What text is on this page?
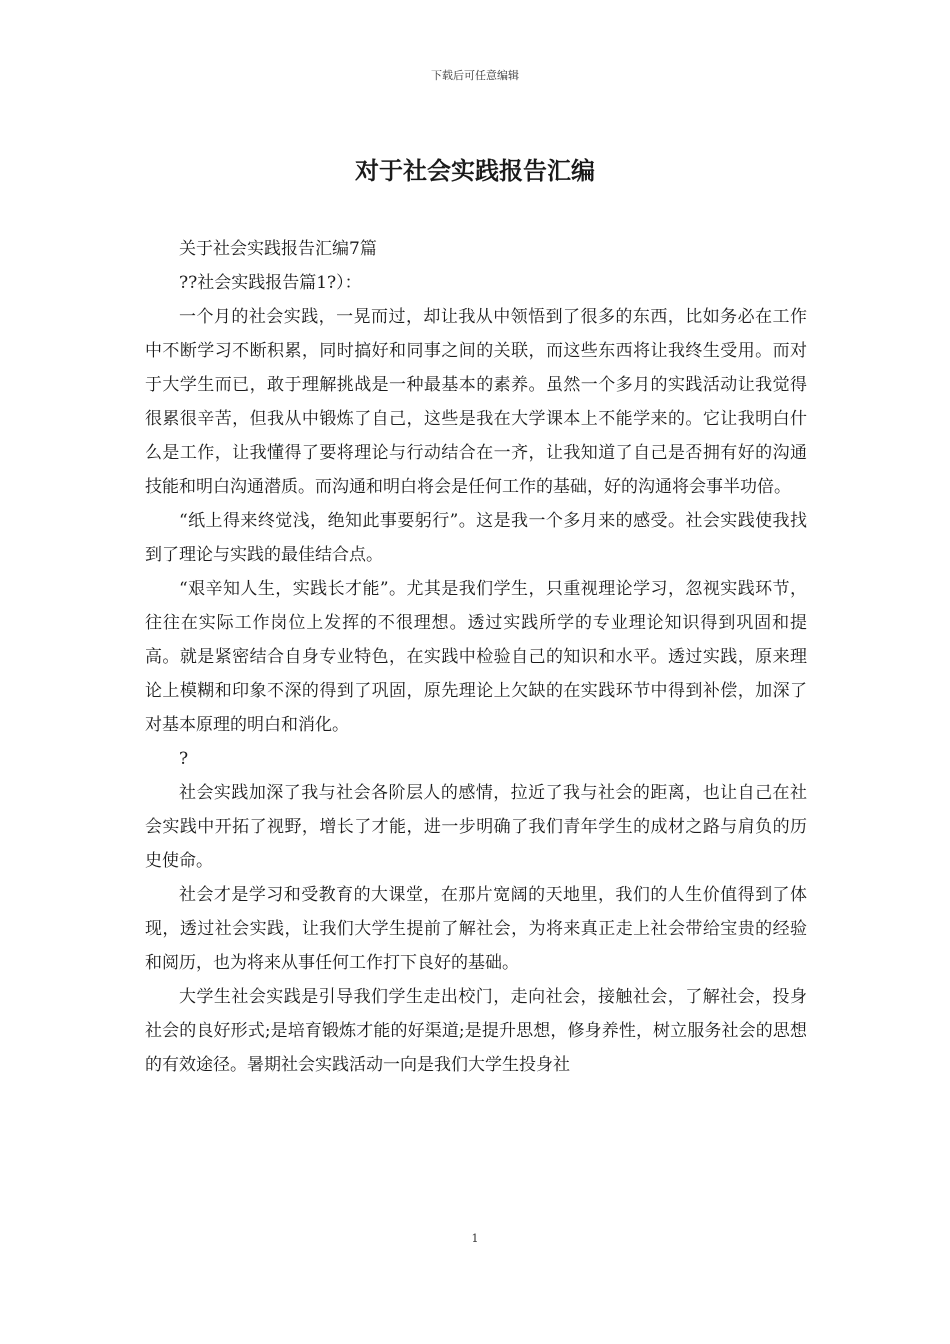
下载后可任意编辑
对于社会实践报告汇编

关于社会实践报告汇编7篇

??社会实践报告篇1?）：

一个月的社会实践，一晃而过，却让我从中领悟到了很多的东西，比如务必在工作中不断学习不断积累，同时搞好和同事之间的关联，而这些东西将让我终生受用。而对于大学生而已，敢于理解挑战是一种最基本的素养。虽然一个多月的实践活动让我觉得很累很辛苦，但我从中锻炼了自己，这些是我在大学课本上不能学来的。它让我明白什么是工作，让我懂得了要将理论与行动结合在一齐，让我知道了自己是否拥有好的沟通技能和明白沟通潜质。而沟通和明白将会是任何工作的基础，好的沟通将会事半功倍。

“纸上得来终觉浅，绝知此事要躬行”。这是我一个多月来的感受。社会实践使我找到了理论与实践的最佳结合点。

“艰辛知人生，实践长才能”。尤其是我们学生，只重视理论学习，忽视实践环节，往往在实际工作岗位上发挥的不很理想。透过实践所学的专业理论知识得到巩固和提高。就是紧密结合自身专业特色，在实践中检验自己的知识和水平。透过实践，原来理论上模糊和印象不深的得到了巩固，原先理论上欠缺的在实践环节中得到补偿，加深了对基本原理的明白和消化。

?

社会实践加深了我与社会各阶层人的感情，拉近了我与社会的距离，也让自己在社会实践中开拓了视野，增长了才能，进一步明确了我们青年学生的成材之路与肩负的历史使命。

社会才是学习和受教育的大课堂，在那片宽阔的天地里，我们的人生价值得到了体现，透过社会实践，让我们大学生提前了解社会，为将来真正走上社会带给宝贵的经验和阅历，也为将来从事任何工作打下良好的基础。

大学生社会实践是引导我们学生走出校门，走向社会，接触社会，了解社会，投身社会的良好形式;是培育锻炼才能的好渠道;是提升思想，修身养性，树立服务社会的思想的有效途径。暑期社会实践活动一向是我们大学生投身社

1
